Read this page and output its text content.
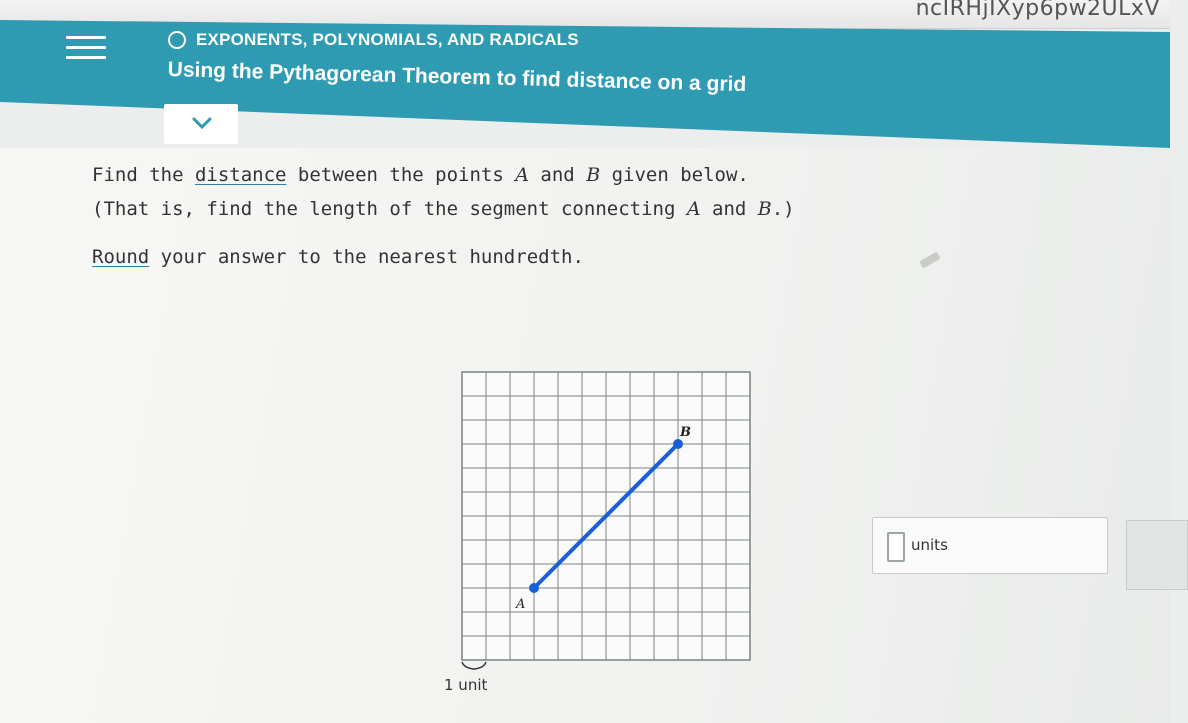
ncIRHjIXyp6pw2ULxV
EXPONENTS, POLYNOMIALS, AND RADICALS
Using the Pythagorean Theorem to find distance on a grid

Find the distance between the points A and B given below.

(That is, find the length of the segment connecting A and B.)

Round your answer to the nearest hundredth.

A
B
1 unit
units
